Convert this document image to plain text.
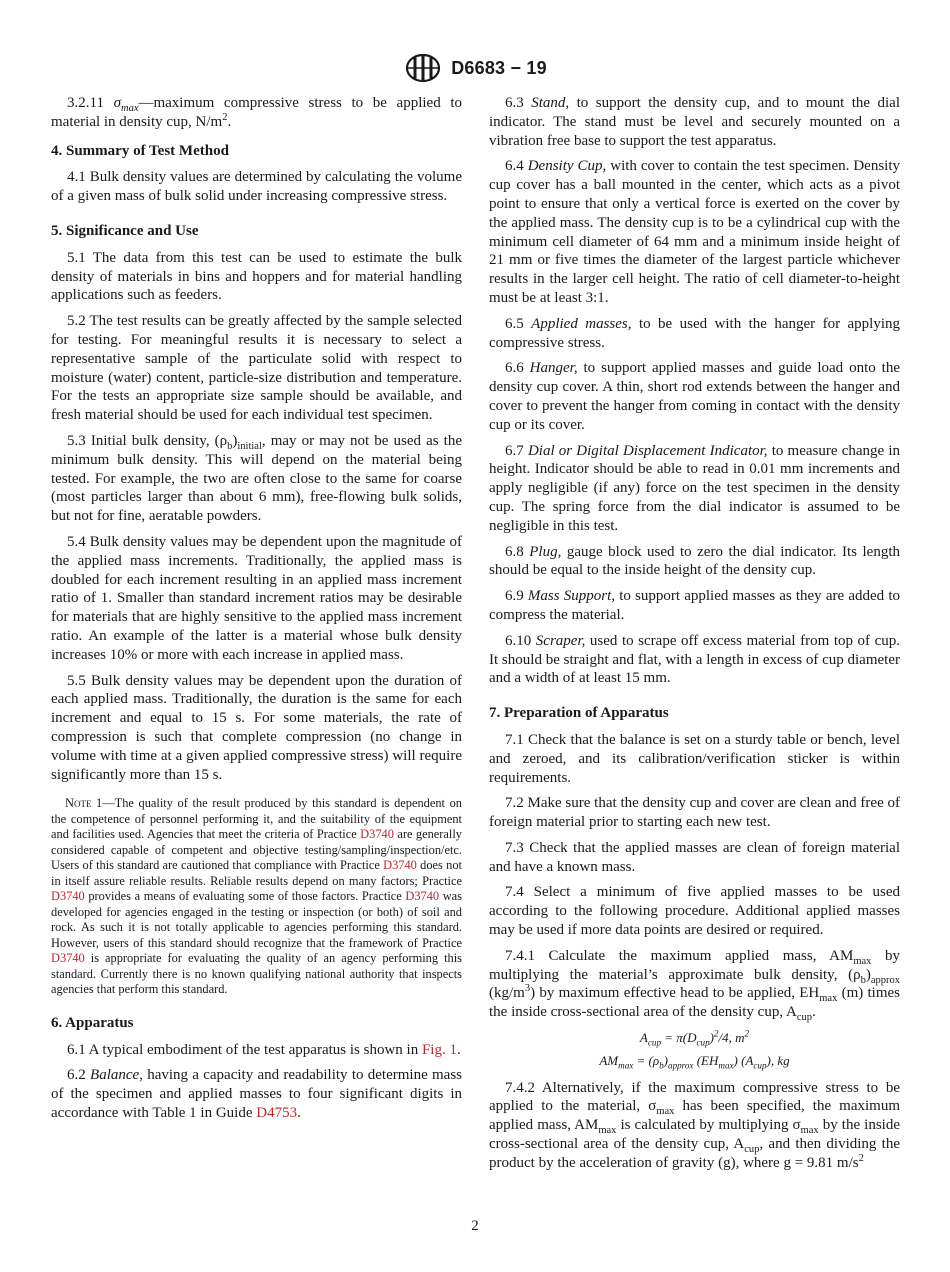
D6683 − 19

3.2.11 $\sigma_{max}—maximum$ compressive stress to be applied to material in density cup, $N/m^2$.

4. Summary of Test Method

4.1 Bulk density values are determined by calculating the volume of a given mass of bulk solid under increasing compressive stress.

5. Significance and Use

5.1 The data from this test can be used to estimate the bulk density of materials in bins and hoppers and for material handling applications such as feeders.

5.2 The test results can be greatly affected by the sample selected for testing. For meaningful results it is necessary to select a representative sample of the particulate solid with respect to moisture (water) content, particle-size distribution and temperature. For the tests an appropriate size sample should be available, and fresh material should be used for each individual test specimen.

5.3 Initial bulk density, $(\rho_b)_{initial}$, may or may not be used as the minimum bulk density. This will depend on the material being tested. For example, the two are often close to the same for coarse (most particles larger than about 6 mm), free-flowing bulk solids, but not for fine, aeratable powders.

5.4 Bulk density values may be dependent upon the magnitude of the applied mass increments. Traditionally, the applied mass is doubled for each increment resulting in an applied mass increment ratio of 1. Smaller than standard increment ratios may be desirable for materials that are highly sensitive to the applied mass increment ratio. An example of the latter is a material whose bulk density increases 10% or more with each increase in applied mass.

5.5 Bulk density values may be dependent upon the duration of each applied mass. Traditionally, the duration is the same for each increment and equal to 15 s. For some materials, the rate of compression is such that complete compression (no change in volume with time at a given applied compressive stress) will require significantly more than 15 s.

Note 1—The quality of the result produced by this standard is dependent on the competence of personnel performing it, and the suitability of the equipment and facilities used. Agencies that meet the criteria of Practice D3740 are generally considered capable of competent and objective testing/sampling/inspection/etc. Users of this standard are cautioned that compliance with Practice D3740 does not in itself assure reliable results. Reliable results depend on many factors; Practice D3740 provides a means of evaluating some of those factors. Practice D3740 was developed for agencies engaged in the testing or inspection (or both) of soil and rock. As such it is not totally applicable to agencies performing this standard. However, users of this standard should recognize that the framework of Practice D3740 is appropriate for evaluating the quality of an agency performing this standard. Currently there is no known qualifying national authority that inspects agencies that perform this standard.
6. Apparatus

6.1 A typical embodiment of the test apparatus is shown in Fig. 1.

6.2 Balance, having a capacity and readability to determine mass of the specimen and applied masses to four significant digits in accordance with Table 1 in Guide D4753.

6.3 Stand, to support the density cup, and to mount the dial indicator. The stand must be level and securely mounted on a vibration free base to support the test apparatus.

6.4 Density Cup, with cover to contain the test specimen. Density cup cover has a ball mounted in the center, which acts as a pivot point to ensure that only a vertical force is exerted on the cover by the applied mass. The density cup is to be a cylindrical cup with the minimum cell diameter of 64 mm and a minimum inside height of 21 mm or five times the diameter of the largest particle whichever results in the larger cell height. The ratio of cell diameter-to-height must be at least 3:1.

6.5 Applied masses, to be used with the hanger for applying compressive stress.

6.6 Hanger, to support applied masses and guide load onto the density cup cover. A thin, short rod extends between the hanger and cover to prevent the hanger from coming in contact with the density cup or its cover.

6.7 Dial or Digital Displacement Indicator, to measure change in height. Indicator should be able to read in 0.01 mm increments and apply negligible (if any) force on the test specimen in the density cup. The spring force from the dial indicator is assumed to be negligible in this test.

6.8 Plug, gauge block used to zero the dial indicator. Its length should be equal to the inside height of the density cup.

6.9 Mass Support, to support applied masses as they are added to compress the material.

6.10 Scraper, used to scrape off excess material from top of cup. It should be straight and flat, with a length in excess of cup diameter and a width of at least 15 mm.

7. Preparation of Apparatus

7.1 Check that the balance is set on a sturdy table or bench, level and zeroed, and its calibration/verification sticker is within requirements.

7.2 Make sure that the density cup and cover are clean and free of foreign material prior to starting each new test.

7.3 Check that the applied masses are clean of foreign material and have a known mass.

7.4 Select a minimum of five applied masses to be used according to the following procedure. Additional applied masses may be used if more data points are desired or required.

7.4.1 Calculate the maximum applied mass, $AM_{max}$ by multiplying the material’s approximate bulk density, $(\rho_b)_{approx}$ $(kg/m^3)$ by maximum effective head to be applied, $EH_{max}$ (m) times the inside cross-sectional area of the density cup, $A_{cup}$.

$A_{cup} = \pi(D_{cup})^2/4$, $m^2$
$AM_{max} = (\rho_b)_{approx}$ $(EH_{max})$ $(A_{cup})$, kg

7.4.2 Alternatively, if the maximum compressive stress to be applied to the material, $\sigma_{max}$ has been specified, the maximum applied mass, $AM_{max}$ is calculated by multiplying $\sigma_{max}$ by the inside cross-sectional area of the density cup, $A_{cup}$, and then dividing the product by the acceleration of gravity (g), where g = 9.81 $m/s^2$

2
